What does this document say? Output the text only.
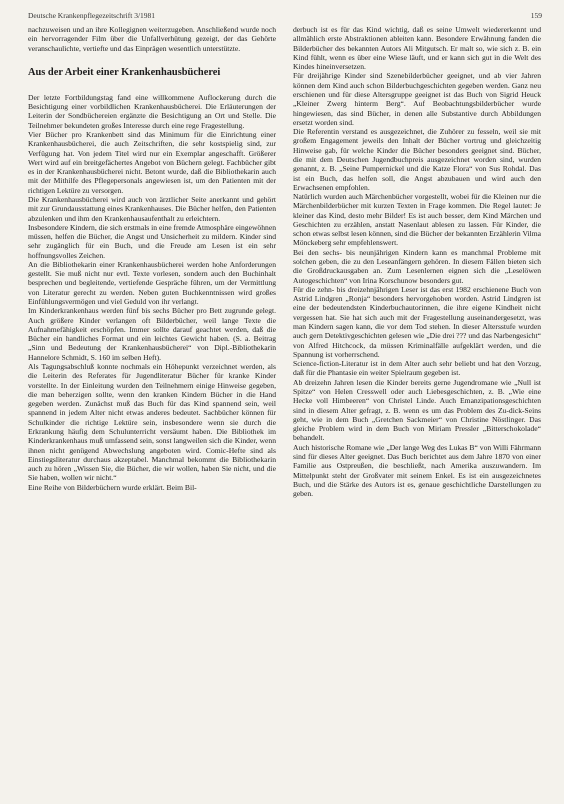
Deutsche Krankenpflegezeitschrift 3/1981	159

nachzuweisen und an ihre Kollegignen weiterzugeben. Anschließend wurde noch ein hervorragender Film über die Unfallverhütung gezeigt, der das Gehörte veranschaulichte, vertiefte und das Einprägen wesentlich unterstützte.

Aus der Arbeit einer Krankenhausbücherei

Der letzte Fortbildungstag fand eine willkommene Auflockerung durch die Besichtigung einer vorbildlichen Krankenhausbücherei. Die Erläuterungen der Leiterin der Sondbüchereien ergänzte die Besichtigung an Ort und Stelle. Die Teilnehmer bekundeten großes Interesse durch eine rege Fragestellung.

Vier Bücher pro Krankenbett sind das Minimum für die Einrichtung einer Krankenhausbücherei, die auch Zeitschriften, die sehr kostspielig sind, zur Verfügung hat. Von jedem Titel wird nur ein Exemplar angeschafft. Größerer Wert wird auf ein breitgefächertes Angebot von Büchern gelegt. Fachbücher gibt es in der Krankenhausbücherei nicht. Betont wurde, daß die Bibliothekarin auch mit der Mithilfe des Pflegepersonals angewiesen ist, um den Patienten mit der richtigen Lektüre zu versorgen.

Die Krankenhausbücherei wird auch von ärztlicher Seite anerkannt und gehört mit zur Grundausstattung eines Krankenhauses. Die Bücher helfen, den Patienten abzulenken und ihm den Krankenhausaufenthalt zu erleichtern.

Insbesondere Kindern, die sich erstmals in eine fremde Atmosphäre eingewöhnen müssen, helfen die Bücher, die Angst und Unsicherheit zu mildern. Kinder sind sehr zugänglich für ein Buch, und die Freude am Lesen ist ein sehr hoffnungsvolles Zeichen.

An die Bibliothekarin einer Krankenhausbücherei werden hohe Anforderungen gestellt. Sie muß nicht nur evtl. Texte vorlesen, sondern auch den Buchinhalt besprechen und begleitende, vertiefende Gespräche führen, um der Vermittlung von Literatur gerecht zu werden. Neben guten Buchkenntnissen wird großes Einfühlungsvermögen und viel Geduld von ihr verlangt.

Im Kinderkrankenhaus werden fünf bis sechs Bücher pro Bett zugrunde gelegt. Auch größere Kinder verlangen oft Bilderbücher, weil lange Texte die Aufnahmefähigkeit erschöpfen. Immer sollte darauf geachtet werden, daß die Bücher ein handliches Format und ein leichtes Gewicht haben. (S. a. Beitrag „Sinn und Bedeutung der Krankenhausbücherei“ von Dipl.-Bibliothekarin Hannelore Schmidt, S. 160 im selben Heft).

Als Tagungsabschluß konnte nochmals ein Höhepunkt verzeichnet werden, als die Leiterin des Referates für Jugendliteratur Bücher für kranke Kinder vorstellte. In der Einleitung wurden den Teilnehmern einige Hinweise gegeben, die man beherzigen sollte, wenn den kranken Kindern Bücher in die Hand gegeben werden. Zunächst muß das Buch für das Kind spannend sein, weil spannend in jedem Alter nicht etwas anderes bedeutet. Sachbücher können für Schulkinder die richtige Lektüre sein, insbesondere wenn sie durch die Erkrankung häufig dem Schulunterricht versäumt haben. Die Bibliothek im Kinderkrankenhaus muß umfassend sein, sonst langweilen sich die Kinder, wenn ihnen nicht genügend Abwechslung angeboten wird. Comic-Hefte sind als Einstiegsliteratur durchaus akzeptabel. Manchmal bekommt die Bibliothekarin auch zu hören „Wissen Sie, die Bücher, die wir wollen, haben Sie nicht, und die Sie haben, wollen wir nicht.“

Eine Reihe von Bilderbüchern wurde erklärt. Beim Bil-

derbuch ist es für das Kind wichtig, daß es seine Umwelt wiedererkennt und allmählich erste Abstraktionen ableiten kann. Besondere Erwähnung fanden die Bilderbücher des bekannten Autors Ali Mitgutsch. Er malt so, wie sich z. B. ein Kind fühlt, wenn es über eine Wiese läuft, und er kann sich gut in die Welt des Kindes hineinversetzen.

Für dreijährige Kinder sind Szenebilderbücher geeignet, und ab vier Jahren können dem Kind auch schon Bilderbuchgeschichten gegeben werden. Ganz neu erschienen und für diese Altersgruppe geeignet ist das Buch von Sigrid Heuck „Kleiner Zwerg hinterm Berg“. Auf Beobachtungsbilderbücher wurde hingewiesen, das sind Bücher, in denen alle Substantive durch Abbildungen ersetzt worden sind.

Die Referentin verstand es ausgezeichnet, die Zuhörer zu fesseln, weil sie mit großem Engagement jeweils den Inhalt der Bücher vortrug und gleichzeitig Hinweise gab, für welche Kinder die Bücher besonders geeignet sind. Bücher, die mit dem Deutschen Jugendbuchpreis ausgezeichnet worden sind, wurden genannt, z. B. „Seine Pumpernickel und die Katze Flora“ von Sus Rohdal. Das ist ein Buch, das helfen soll, die Angst abzubauen und wird auch den Erwachsenen empfohlen.

Natürlich wurden auch Märchenbücher vorgestellt, wobei für die Kleinen nur die Märchenbilderbücher mit kurzen Texten in Frage kommen. Die Regel lautet: Je kleiner das Kind, desto mehr Bilder! Es ist auch besser, dem Kind Märchen und Geschichten zu erzählen, anstatt Nasenlaut ablesen zu lassen. Für Kinder, die schon etwas selbst lesen können, sind die Bücher der bekannten Erzählerin Vilma Mönckeberg sehr empfehlenswert.

Bei den sechs- bis neunjährigen Kindern kann es manchmal Probleme mit solchen geben, die zu den Leseanfängern gehören. In diesem Fällen bieten sich die Großdruckausgaben an. Zum Lesenlernen eignen sich die „Leselöwen Autogeschichten“ von Irina Korschunow besonders gut.

Für die zehn- bis dreizehnjährigen Leser ist das erst 1982 erschienene Buch von Astrid Lindgren „Ronja“ besonders hervorgehoben worden. Astrid Lindgren ist eine der bedeutendsten Kinderbuchautorinnen, die ihre eigene Kindheit nicht vergessen hat. Sie hat sich auch mit der Fragestellung auseinandergesetzt, was man Kindern sagen kann, die vor dem Tod stehen. In dieser Altersstufe wurden auch gern Detektivgeschichten gelesen wie „Die drei ??? und das Narbengesicht“ von Alfred Hitchcock, da müssen Kriminalfälle aufgeklärt werden, und die Spannung ist vorherrschend.

Science-fiction-Literatur ist in dem Alter auch sehr beliebt und hat den Vorzug, daß für die Phantasie ein weiter Spielraum gegeben ist.

Ab dreizehn Jahren lesen die Kinder bereits gerne Jugendromane wie „Null ist Spitze“ von Helen Cresswell oder auch Liebesgeschichten, z. B. „Wie eine Hecke voll Himbeeren“ von Christel Linde. Auch Emanzipationsgeschichten sind in diesem Alter gefragt, z. B. wenn es um das Problem des Zu-dick-Seins geht, wie in dem Buch „Gretchen Sackmeier“ von Christine Nöstlinger. Das gleiche Problem wird in dem Buch von Miriam Pressler „Bitterschokolade“ behandelt.

Auch historische Romane wie „Der lange Weg des Lukas B“ von Willi Fährmann sind für dieses Alter geeignet. Das Buch berichtet aus dem Jahre 1870 von einer Familie aus Ostpreußen, die beschließt, nach Amerika auszuwandern. Im Mittelpunkt steht der Großvater mit seinem Enkel. Es ist ein ausgezeichnetes Buch, und die Stärke des Autors ist es, genaue geschichtliche Darstellungen zu geben.
